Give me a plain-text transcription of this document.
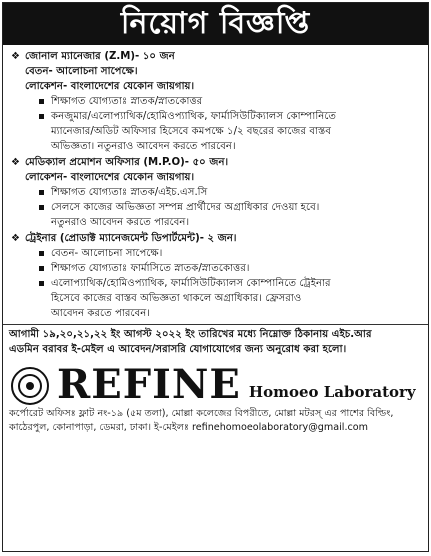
নিয়োগ বিজ্ঞপ্তি
❖ জোনাল ম্যানেজার (Z.M)- ১০ জন
বেতন- আলোচনা সাপেক্ষে।
লোকেশন- বাংলাদেশের যেকোন জায়গায়।
শিক্ষাগত যোগ্যতাঃ স্নাতক/স্নাতকোত্তর
কনজুমার/এলোপ্যাথিক/হোমিওপ্যাথিক, ফার্মাসিউটিক্যালস কোম্পানিতে
ম্যানেজার/অডিট অফিসার হিসেবে কমপক্ষে ১/২ বছরের কাজের বাস্তব
অভিজ্ঞতা। নতুনরাও আবেদন করতে পারবেন।
❖ মেডিক্যাল প্রমোশন অফিসার (M.P.O)- ৫০ জন।
লোকেশন- বাংলাদেশের যেকোন জায়গায়।
শিক্ষাগত যোগ্যতাঃ স্নাতক/এইচ.এস.সি
সেলসে কাজের অভিজ্ঞতা সম্পন্ন প্রার্থীদের অগ্রাধিকার দেওয়া হবে।
নতুনরাও আবেদন করতে পারবেন।
❖ ট্রেইনার (প্রোডাক্ট ম্যানেজমেন্ট ডিপার্টমেন্ট)- ২ জন।
বেতন- আলোচনা সাপেক্ষে।
শিক্ষাগত যোগ্যতাঃ ফার্মাসিতে স্নাতক/স্নাতকোত্তর।
এলোপ্যাথিক/হোমিওপ্যাথিক, ফার্মাসিউটিক্যালস কোম্পানিতে ট্রেইনার
হিসেবে কাজের বাস্তব অভিজ্ঞতা থাকলে অগ্রাধিকার। ফ্রেসরাও
আবেদন করতে পারবেন।
আগামী ১৯,২০,২১,২২ ইং আগস্ট ২০২২ ইং তারিখের মধ্যে নিম্নোক্ত ঠিকানায় এইচ.আর
এডমিন বরাবর ই-মেইল এ আবেদন/সরাসরি যোগাযোগের জন্য অনুরোধ করা হলো।
REFINE Homoeo Laboratory
কর্পোরেট অফিসঃ ফ্লাট নং-১৯ (৫ম তলা), মোল্লা কলেজের বিপরীতে, মোল্লা মটরস্ এর পাশের বিল্ডিং,
কাঠেরপুল, কোনাপাড়া, ডেমরা, ঢাকা। ই-মেইলঃ refinehomoeolaboratory@gmail.com
